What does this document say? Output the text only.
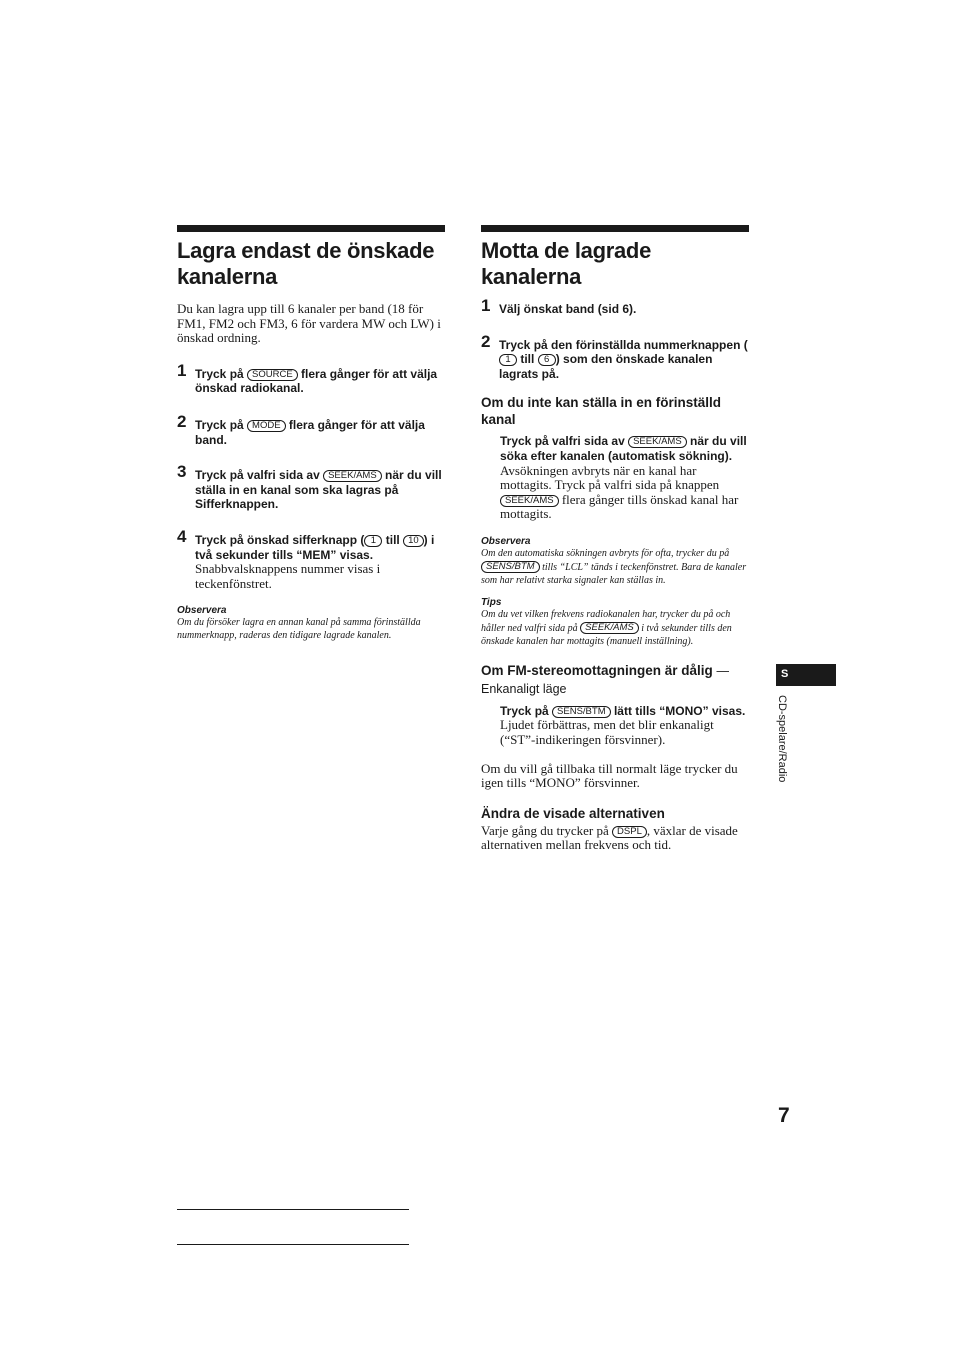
Lagra endast de önskade kanalerna

Du kan lagra upp till 6 kanaler per band (18 för FM1, FM2 och FM3, 6 för vardera MW och LW) i önskad ordning.

1 Tryck på SOURCE flera gånger för att välja önskad radiokanal.
2 Tryck på MODE flera gånger för att välja band.
3 Tryck på valfri sida av SEEK/AMS när du vill ställa in en kanal som ska lagras på Sifferknappen.
4 Tryck på önskad sifferknapp ( 1 till 10 ) i två sekunder tills “MEM” visas.
Snabbvalsknappens nummer visas i teckenfönstret.

Observera

Om du försöker lagra en annan kanal på samma förinställda nummerknapp, raderas den tidigare lagrade kanalen.

Motta de lagrade kanalerna
1 Välj önskat band (sid 6).
2 Tryck på den förinställda nummerknappen (1 till 6 ) som den önskade kanalen lagrats på.
Om du inte kan ställa in en förinställd kanal
Tryck på valfri sida av SEEK/AMS när du vill söka efter kanalen (automatisk sökning).
Avsökningen avbryts när en kanal har mottagits. Tryck på valfri sida på knappen SEEK/AMS flera gånger tills önskad kanal har mottagits.

Observera

Om den automatiska sökningen avbryts för ofta, trycker du på SENS/BTM tills “LCL” tänds i teckenfönstret. Bara de kanaler som har relativt starka signaler kan ställas in.

Tips

Om du vet vilken frekvens radiokanalen har, trycker du på och håller ned valfri sida på SEEK/AMS i två sekunder tills den önskade kanalen har mottagits (manuell inställning).

Om FM-stereomottagningen är dålig — Enkanaligt läge
Tryck på SENS/BTM lätt tills “MONO” visas.
Ljudet förbättras, men det blir enkanaligt (“ST”-indikeringen försvinner).

Om du vill gå tillbaka till normalt läge trycker du igen tills “MONO” försvinner.

Ändra de visade alternativen

Varje gång du trycker på DSPL , växlar de visade alternativen mellan frekvens och tid.

S
CD-spelare/Radio
7
